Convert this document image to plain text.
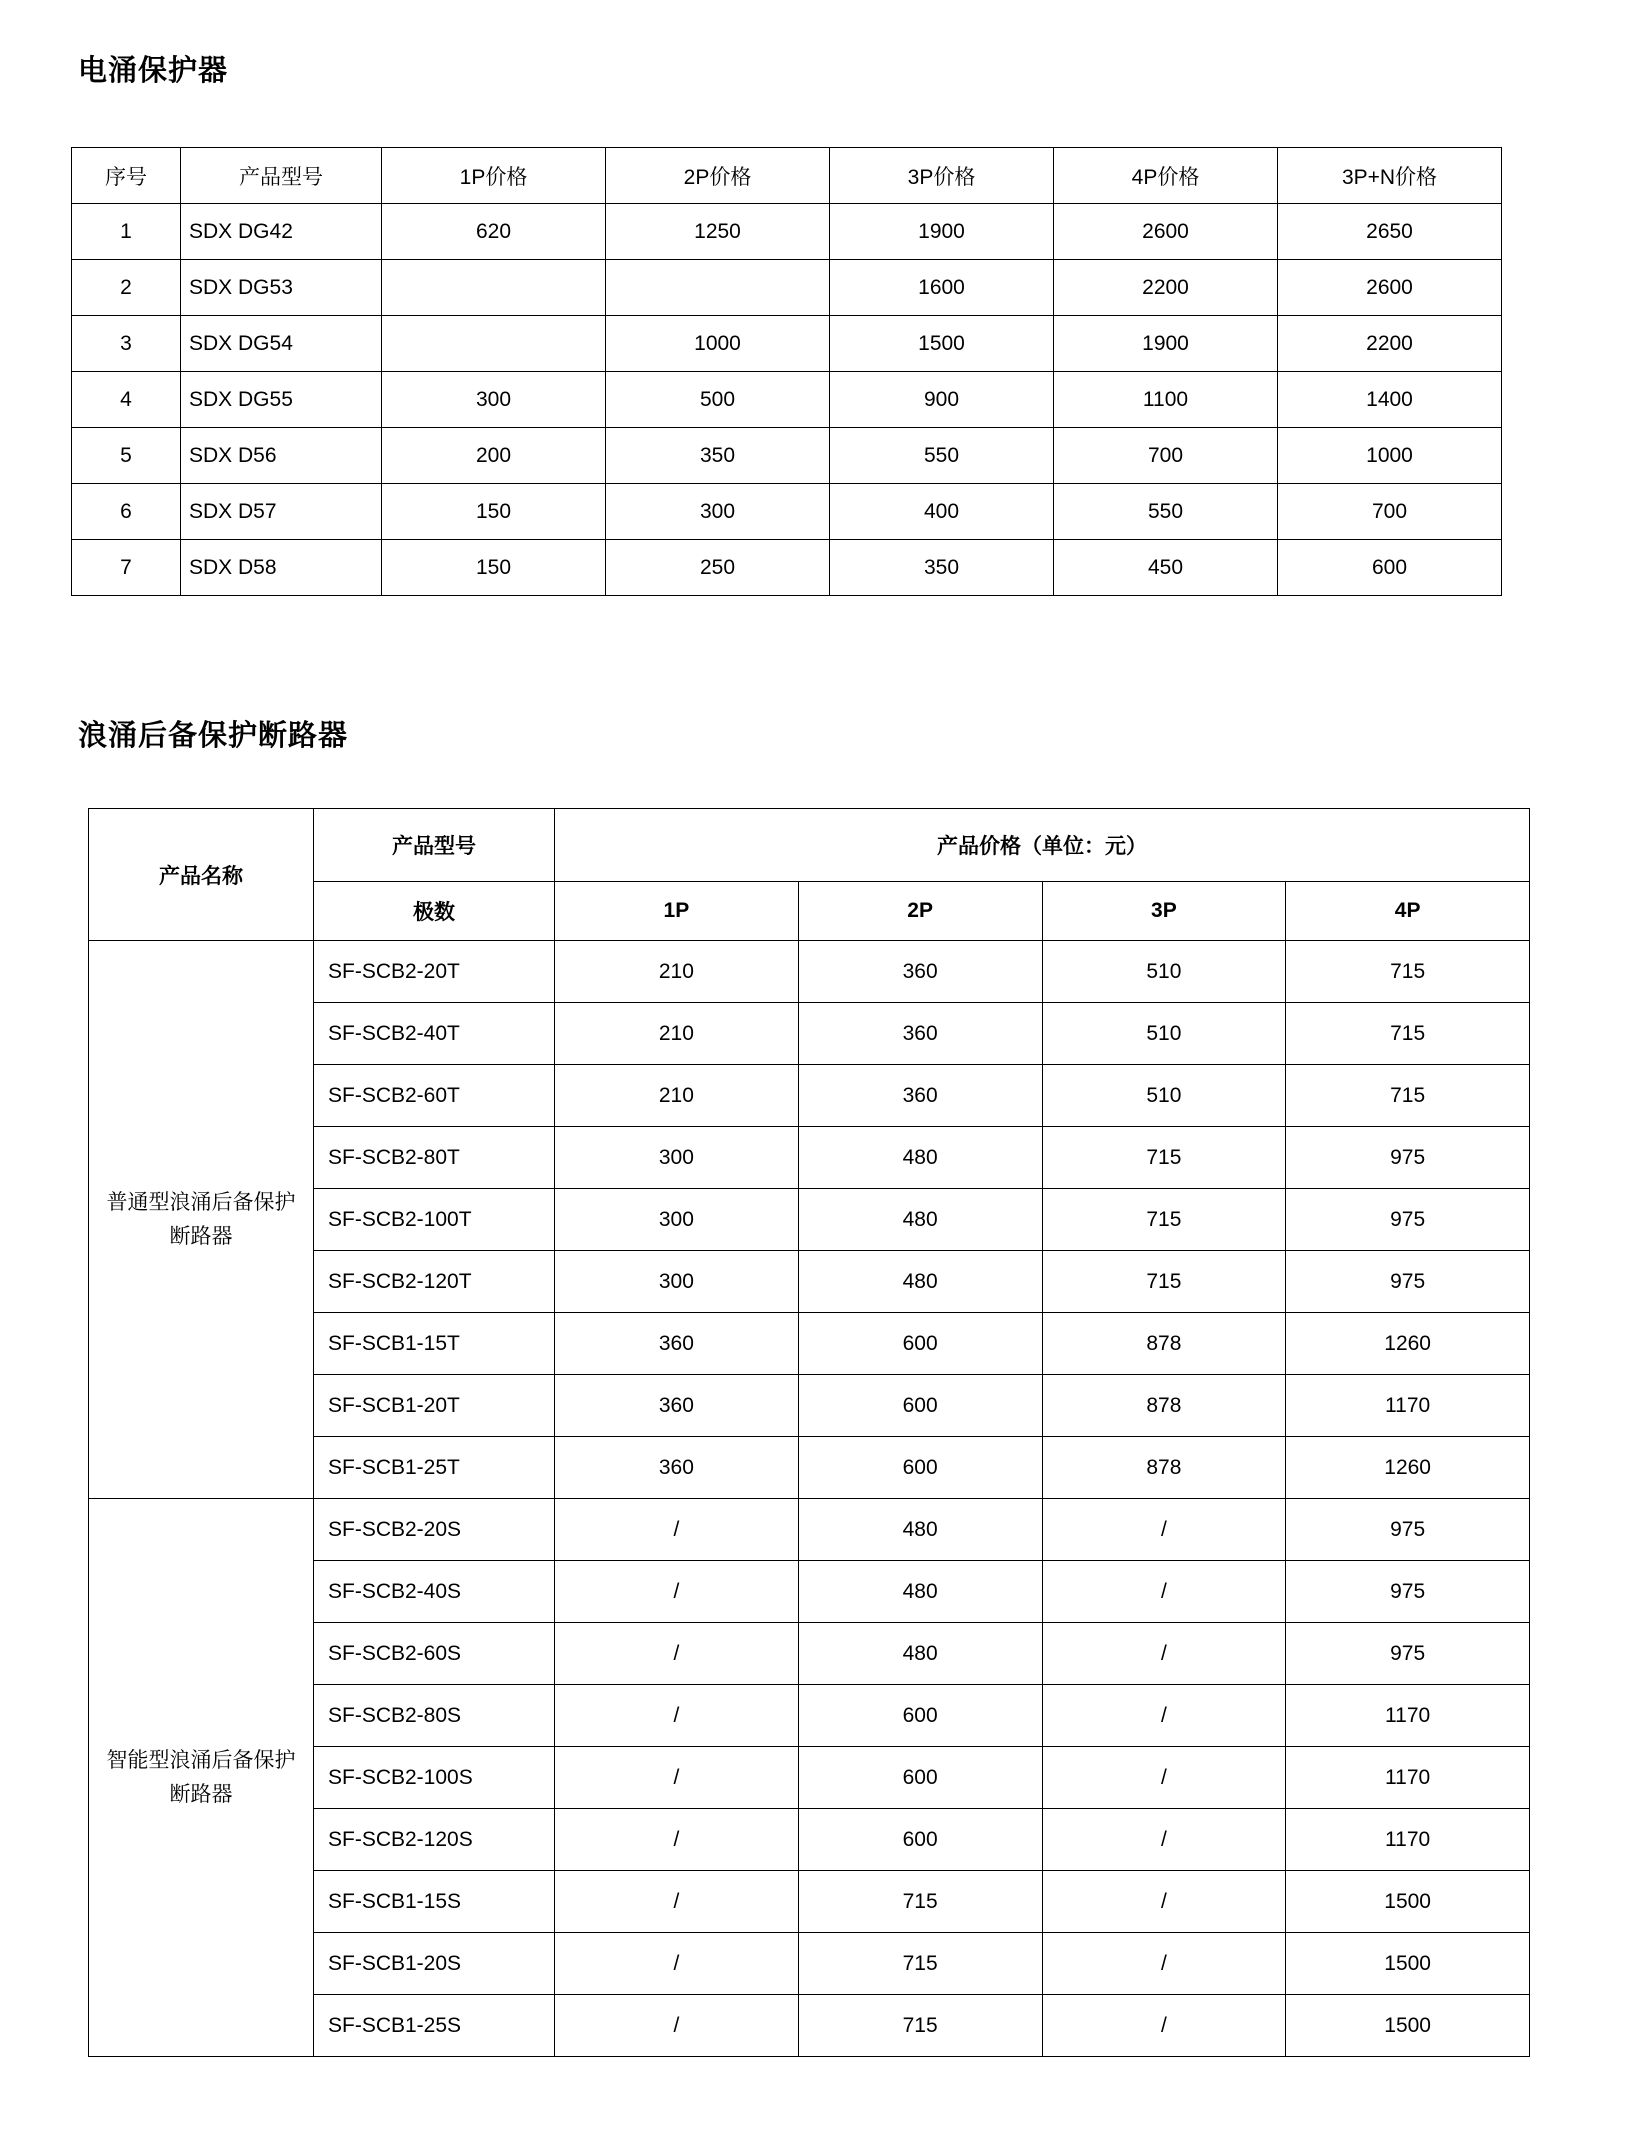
电涌保护器
序号	产品型号	1P价格	2P价格	3P价格	4P价格	3P+N价格
1	SDX DG42	620	1250	1900	2600	2650
2	SDX DG53			1600	2200	2600
3	SDX DG54		1000	1500	1900	2200
4	SDX DG55	300	500	900	1100	1400
5	SDX D56	200	350	550	700	1000
6	SDX D57	150	300	400	550	700
7	SDX D58	150	250	350	450	600
浪涌后备保护断路器
产品名称	产品型号	产品价格（单位：元）			
	极数	1P	2P	3P	4P
普通型浪涌后备保护断路器	SF-SCB2-20T	210	360	510	715
	SF-SCB2-40T	210	360	510	715
	SF-SCB2-60T	210	360	510	715
	SF-SCB2-80T	300	480	715	975
	SF-SCB2-100T	300	480	715	975
	SF-SCB2-120T	300	480	715	975
	SF-SCB1-15T	360	600	878	1260
	SF-SCB1-20T	360	600	878	1170
	SF-SCB1-25T	360	600	878	1260
智能型浪涌后备保护断路器	SF-SCB2-20S	/	480	/	975
	SF-SCB2-40S	/	480	/	975
	SF-SCB2-60S	/	480	/	975
	SF-SCB2-80S	/	600	/	1170
	SF-SCB2-100S	/	600	/	1170
	SF-SCB2-120S	/	600	/	1170
	SF-SCB1-15S	/	715	/	1500
	SF-SCB1-20S	/	715	/	1500
	SF-SCB1-25S	/	715	/	1500
